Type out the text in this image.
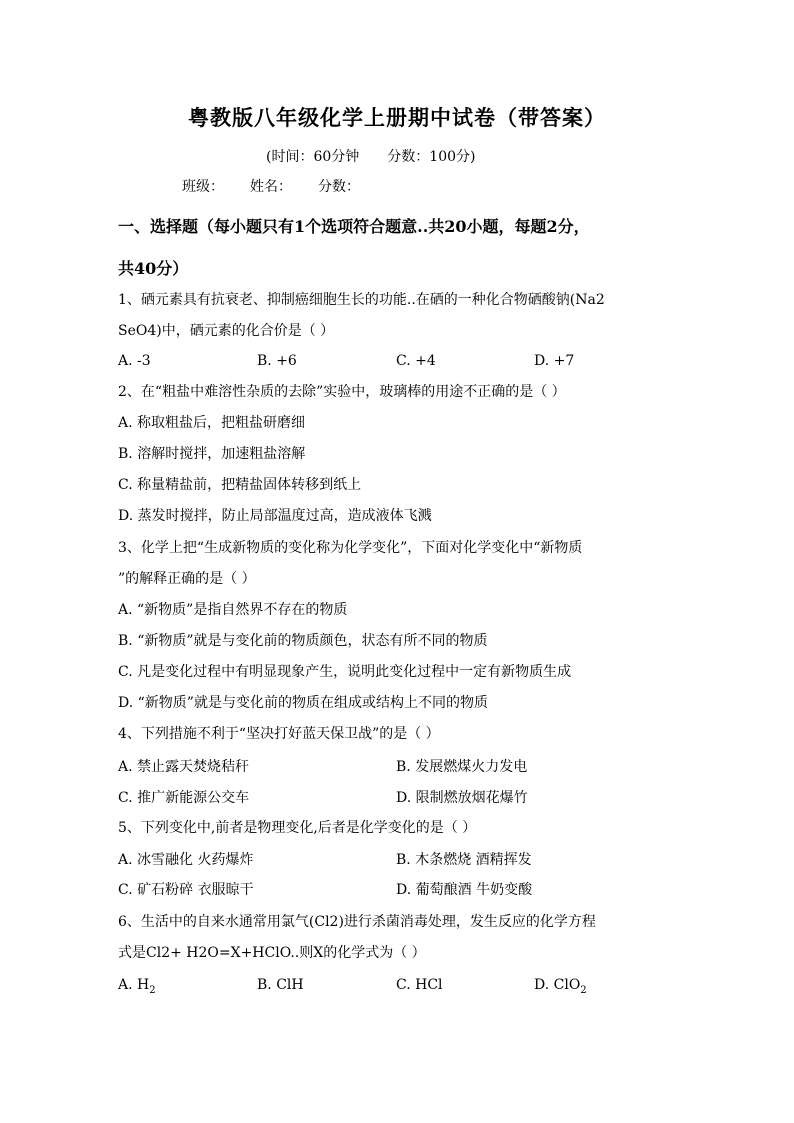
粤教版八年级化学上册期中试卷（带答案）
(时间：60分钟 分数：100分)
班级： 姓名： 分数：
一、选择题（每小题只有1个选项符合题意..共20小题，每题2分，
共40分）
1、硒元素具有抗衰老、抑制癌细胞生长的功能..在硒的一种化合物硒酸钠(Na2
SeO4)中，硒元素的化合价是（ ）
A. -3	B. +6	C. +4	D. +7
2、在“粗盐中难溶性杂质的去除”实验中，玻璃棒的用途不正确的是（ ）
A. 称取粗盐后，把粗盐研磨细
B. 溶解时搅拌，加速粗盐溶解
C. 称量精盐前，把精盐固体转移到纸上
D. 蒸发时搅拌，防止局部温度过高，造成液体飞溅
3、化学上把“生成新物质的变化称为化学变化”，下面对化学变化中“新物质
”的解释正确的是（ ）
A. “新物质”是指自然界不存在的物质
B. “新物质”就是与变化前的物质颜色，状态有所不同的物质
C. 凡是变化过程中有明显现象产生，说明此变化过程中一定有新物质生成
D. “新物质”就是与变化前的物质在组成或结构上不同的物质
4、下列措施不利于“坚决打好蓝天保卫战”的是（ ）
A. 禁止露天焚烧秸秆	B. 发展燃煤火力发电
C. 推广新能源公交车	D. 限制燃放烟花爆竹
5、下列变化中,前者是物理变化,后者是化学变化的是（ ）
A. 冰雪融化 火药爆炸	B. 木条燃烧 酒精挥发
C. 矿石粉碎 衣服晾干	D. 葡萄酿酒 牛奶变酸
6、生活中的自来水通常用氯气(Cl2)进行杀菌消毒处理，发生反应的化学方程
式是Cl2+ H2O=X+HClO..则X的化学式为（ ）
A. $H_2$	B. ClH	C. HCl	D. ClO$_2$
